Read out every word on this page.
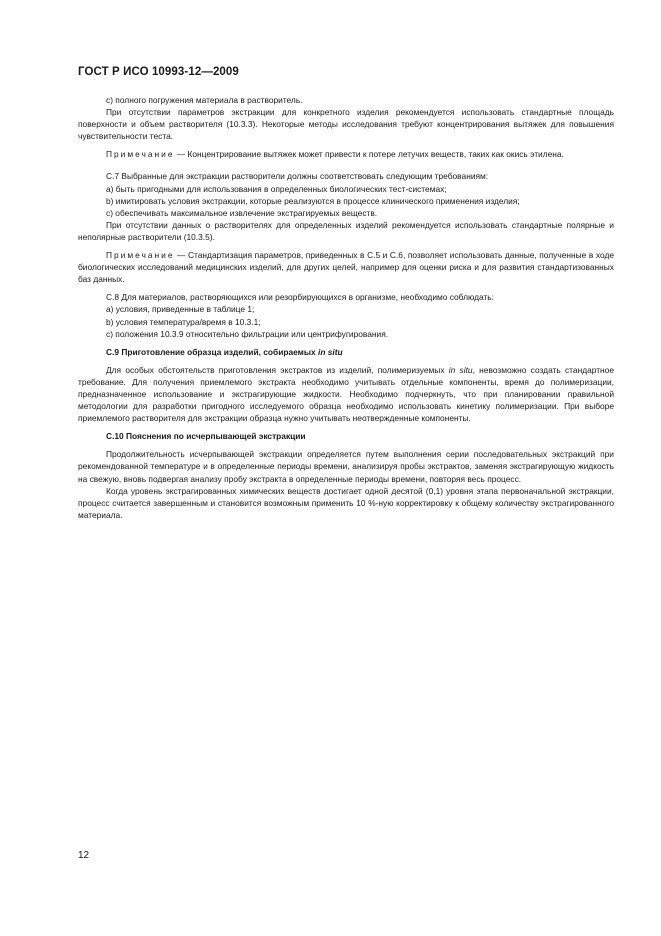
ГОСТ Р ИСО 10993-12—2009

c) полного погружения материала в растворитель.

При отсутствии параметров экстракции для конкретного изделия рекомендуется использовать стандартные площадь поверхности и объем растворителя (10.3.3). Некоторые методы исследования требуют концентрирования вытяжек для повышения чувствительности теста.

Примечание — Концентрирование вытяжек может привести к потере летучих веществ, таких как окись этилена.

C.7 Выбранные для экстракции растворители должны соответствовать следующим требованиям:

a) быть пригодными для использования в определенных биологических тест-системах;

b) имитировать условия экстракции, которые реализуются в процессе клинического применения изделия;

c) обеспечивать максимальное извлечение экстрагируемых веществ.

При отсутствии данных о растворителях для определенных изделий рекомендуется использовать стандартные полярные и неполярные растворители (10.3.5).

Примечание — Стандартизация параметров, приведенных в С.5 и С.6, позволяет использовать данные, полученные в ходе биологических исследований медицинских изделий, для других целей, например для оценки риска и для развития стандартизованных баз данных.

С.8 Для материалов, растворяющихся или резорбирующихся в организме, необходимо соблюдать:

a) условия, приведенные в таблице 1;

b) условия температура/время в 10.3.1;

c) положения 10.3.9 относительно фильтрации или центрифугирования.

С.9 Приготовление образца изделий, собираемых in situ

Для особых обстоятельств приготовления экстрактов из изделий, полимеризуемых in situ, невозможно создать стандартное требование. Для получения приемлемого экстракта необходимо учитывать отдельные компоненты, время до полимеризации, предназначенное использование и экстрагирующие жидкости. Необходимо подчеркнуть, что при планировании правильной методологии для разработки пригодного исследуемого образца необходимо использовать кинетику полимеризации. При выборе приемлемого растворителя для экстракции образца нужно учитывать неотвержденные компоненты.

С.10 Пояснения по исчерпывающей экстракции

Продолжительность исчерпывающей экстракции определяется путем выполнения серии последовательных экстракций при рекомендованной температуре и в определенные периоды времени, анализируя пробы экстрактов, заменяя экстрагирующую жидкость на свежую, вновь подвергая анализу пробу экстракта в определенные периоды времени, повторяя весь процесс.

Когда уровень экстрагированных химических веществ достигает одной десятой (0,1) уровня этапа первоначальной экстракции, процесс считается завершенным и становится возможным применить 10 %-ную корректировку к общему количеству экстрагированного материала.

12
